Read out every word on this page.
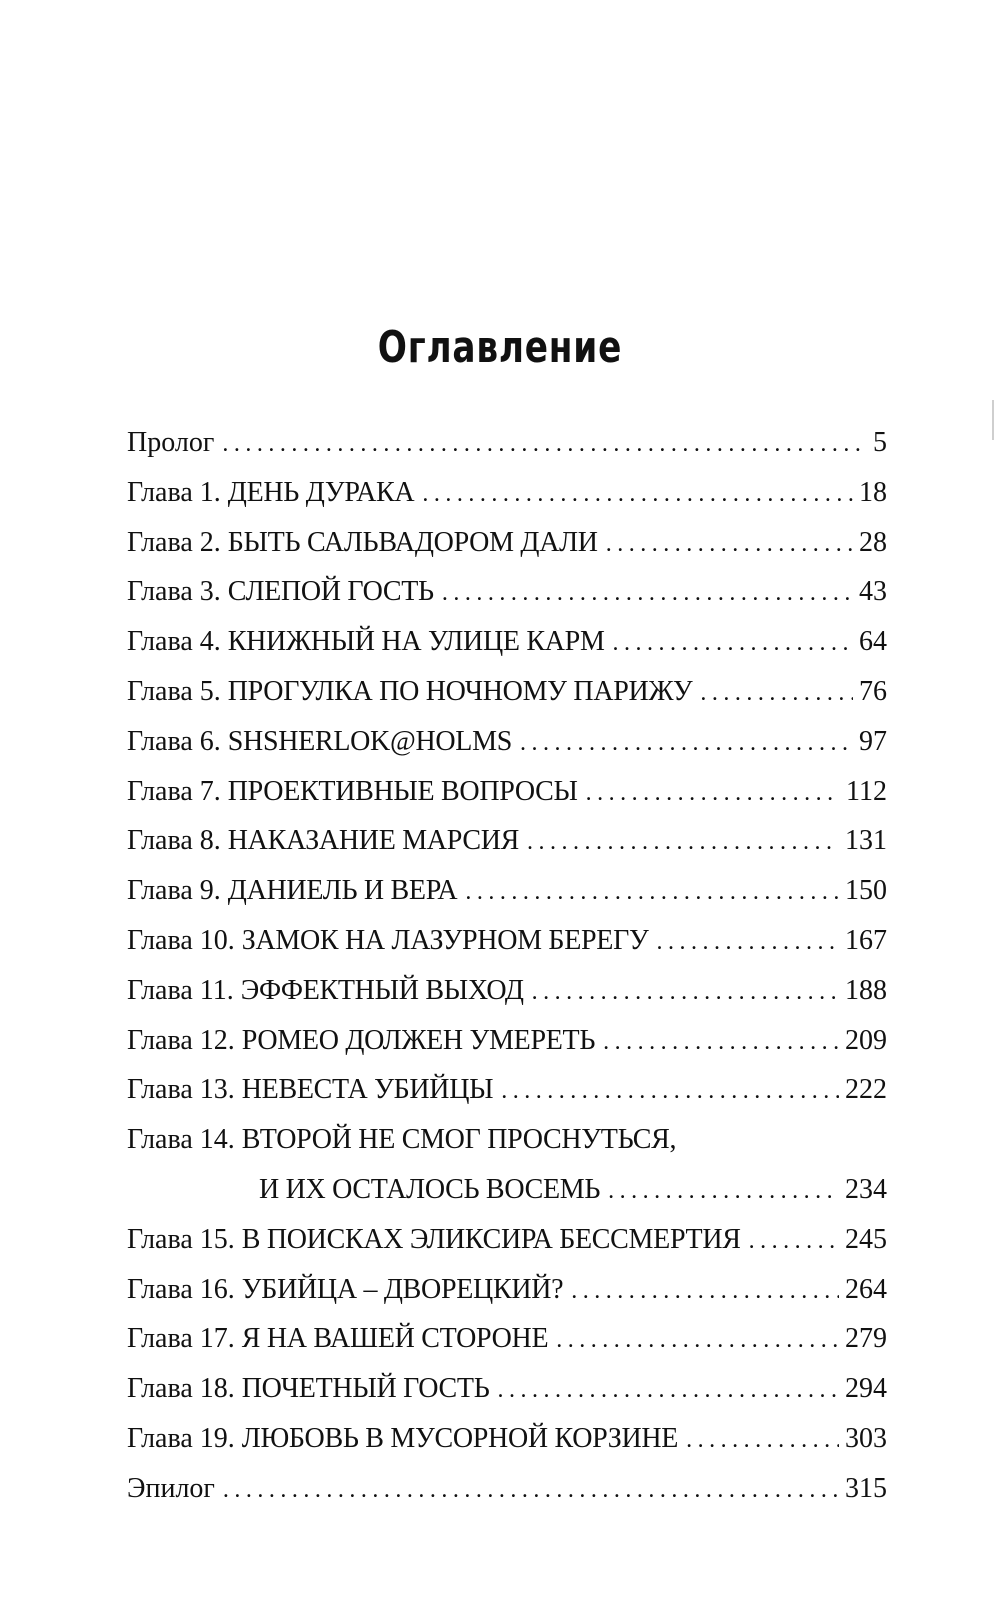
Оглавление
Пролог .....	5
Глава 1. ДЕНЬ ДУРАКА .....	18
Глава 2. БЫТЬ САЛЬВАДОРОМ ДАЛИ .....	28
Глава 3. СЛЕПОЙ ГОСТЬ .....	43
Глава 4. КНИЖНЫЙ НА УЛИЦЕ КАРМ .....	64
Глава 5. ПРОГУЛКА ПО НОЧНОМУ ПАРИЖУ .....	76
Глава 6. SHSHERLOK@HOLMS .....	97
Глава 7. ПРОЕКТИВНЫЕ ВОПРОСЫ .....	112
Глава 8. НАКАЗАНИЕ МАРСИЯ .....	131
Глава 9. ДАНИЕЛЬ И ВЕРА .....	150
Глава 10. ЗАМОК НА ЛАЗУРНОМ БЕРЕГУ .....	167
Глава 11. ЭФФЕКТНЫЙ ВЫХОД .....	188
Глава 12. РОМЕО ДОЛЖЕН УМЕРЕТЬ .....	209
Глава 13. НЕВЕСТА УБИЙЦЫ .....	222
Глава 14. ВТОРОЙ НЕ СМОГ ПРОСНУТЬСЯ,
И ИХ ОСТАЛОСЬ ВОСЕМЬ .....	234
Глава 15. В ПОИСКАХ ЭЛИКСИРА БЕССМЕРТИЯ .....	245
Глава 16. УБИЙЦА – ДВОРЕЦКИЙ? .....	264
Глава 17. Я НА ВАШЕЙ СТОРОНЕ .....	279
Глава 18. ПОЧЕТНЫЙ ГОСТЬ .....	294
Глава 19. ЛЮБОВЬ В МУСОРНОЙ КОРЗИНЕ .....	303
Эпилог .....	315
